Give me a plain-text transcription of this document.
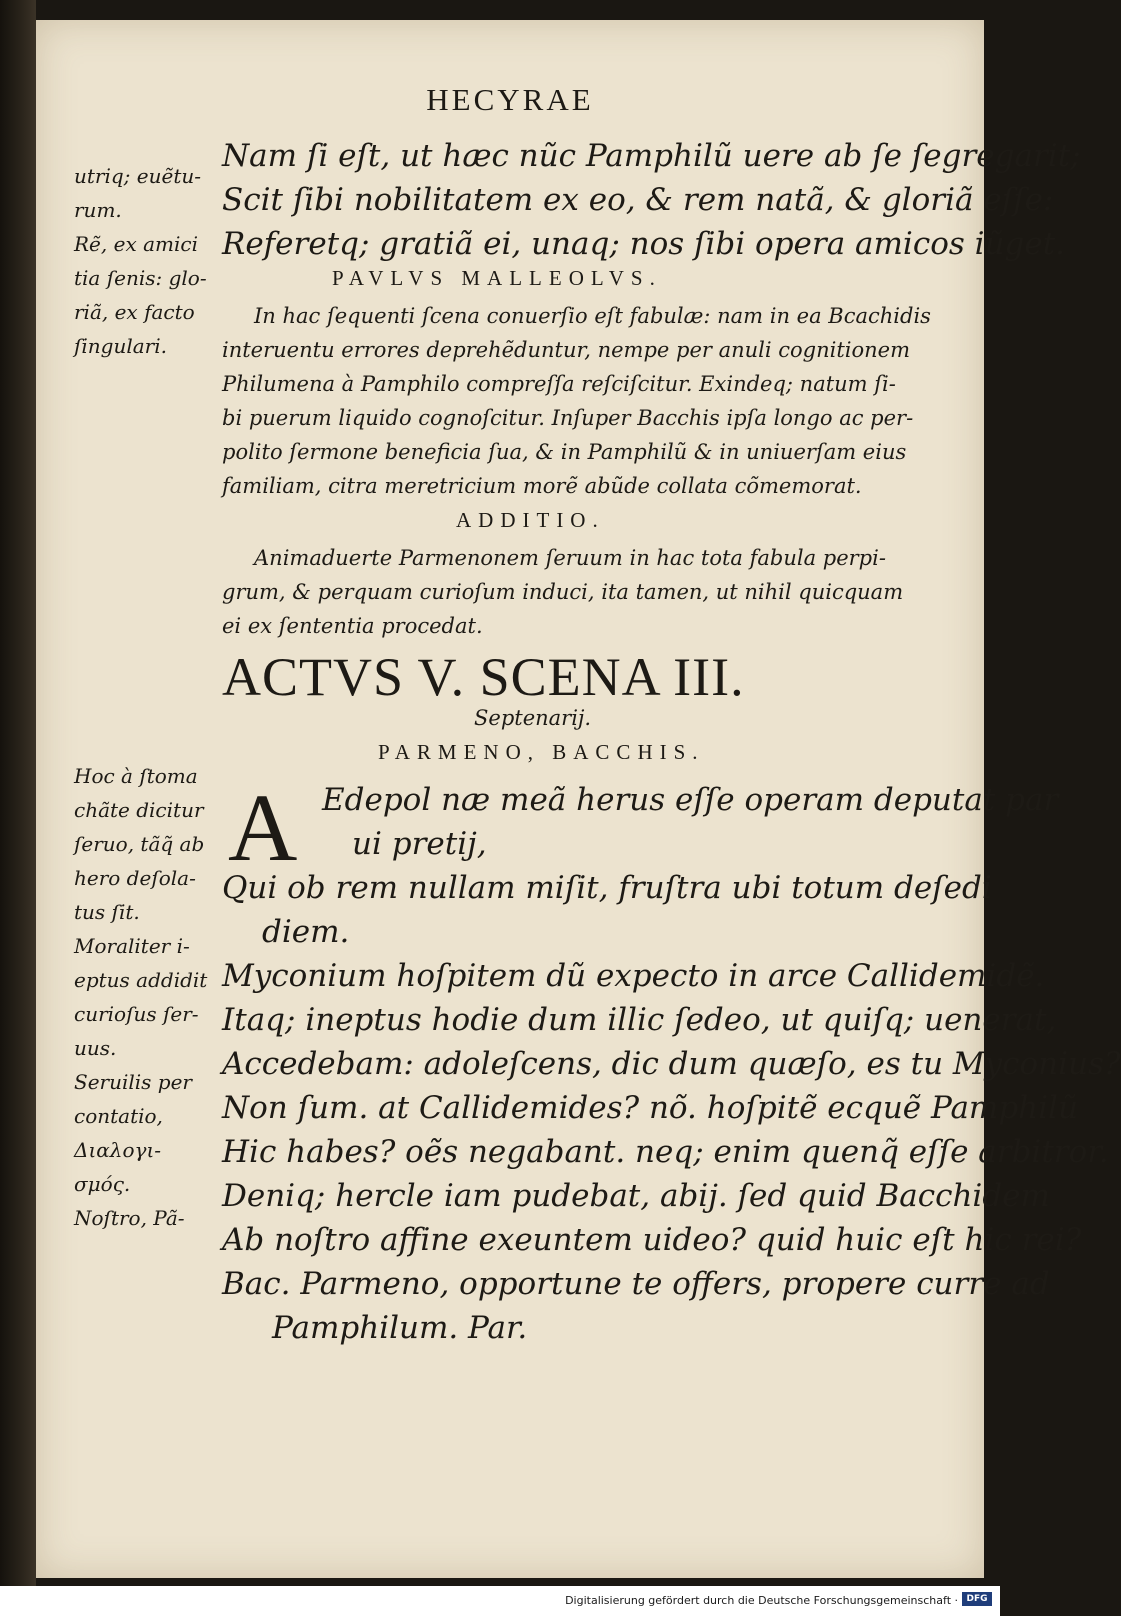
HECYRAE
utriq; euẽtu-
rum.
Rẽ, ex amici
tia ſenis: glo-
riã, ex facto
ſingulari.
Hoc à ſtoma
chãte dicitur
ſeruo, tãq̃ ab
hero deſola-
tus ſit.
Moraliter i-
eptus addidit
curioſus ſer-
uus.
Seruilis per
contatio,
Διαλογι-
σμός.
Noſtro, Pã-
Nam ſi eſt, ut hæc nũc Pamphilũ uere ab ſe ſegregarit;
Scit ſibi nobilitatem ex eo, & rem natã, & gloriã eſſe:
Referetq; gratiã ei, unaq; nos ſibi opera amicos iũget.
PAVLVS MALLEOLVS.
In hac ſequenti ſcena conuerſio eſt fabulæ: nam in ea Bcachidis
interuentu errores deprehẽduntur, nempe per anuli cognitionem
Philumena à Pamphilo compreſſa reſciſcitur. Exindeq; natum ſi-
bi puerum liquido cognoſcitur. Inſuper Bacchis ipſa longo ac per-
polito ſermone beneficia ſua, & in Pamphilũ & in uniuerſam eius
familiam, citra meretricium morẽ abũde collata cõmemorat.
ADDITIO.
Animaduerte Parmenonem ſeruum in hac tota fabula perpi-
grum, & perquam curioſum induci, ita tamen, ut nihil quicquam
ei ex ſententia procedat.
Septenarij.
PARMENO, BACCHIS.
Edepol næ meã herus eſſe operam deputat par
ui pretij,
Qui ob rem nullam miſit, fruſtra ubi totum deſedi
diem.
Myconium hoſpitem dũ expecto in arce Callidemidẽ.
Itaq; ineptus hodie dum illic ſedeo, ut quiſq; uenerat,
Accedebam: adoleſcens, dic dum quæſo, es tu Myconius?
Non ſum. at Callidemides? nõ. hoſpitẽ ecquẽ Pamphilũ
Hic habes? oẽs negabant. neq; enim quenq̃ eſſe arbitror.
Deniq; hercle iam pudebat, abij. ſed quid Bacchidem
Ab noſtro affine exeuntem uideo? quid huic eſt hic rei?
Bac. Parmeno, opportune te offers, propere curre ad
Pamphilum. Par.
ACTVS V. SCENA III.
A
Digitalisierung gefördert durch die Deutsche Forschungsgemeinschaft · DFG
